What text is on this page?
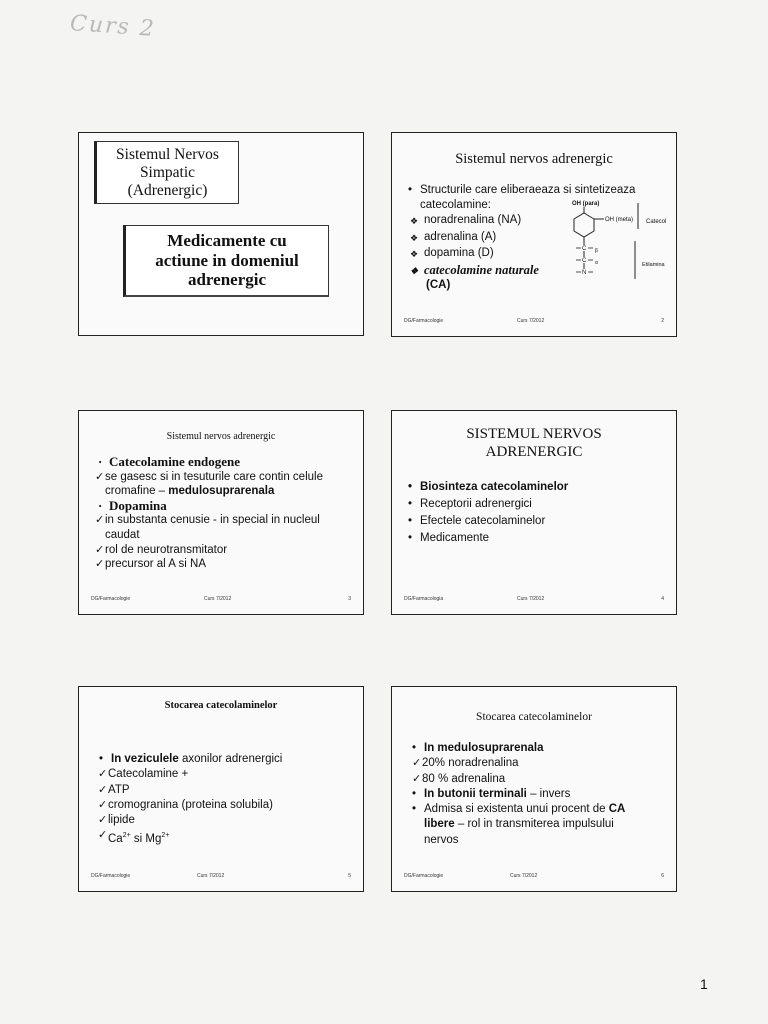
Curs 2
Sistemul Nervos
Simpatic
(Adrenergic)
Medicamente cu
actiune in domeniul
adrenergic
Sistemul nervos adrenergic
• Structurile care eliberaeaza si sintetizeaza
catecolamine:
❖ noradrenalina (NA)
❖ adrenalina (A)
❖ dopamina (D)
❖ catecolamine naturale
(CA)
OH (para)
OH (meta) Catecol
C β
C α
N
Etilamina
DG/Farmacologie	Curs 7/2012	2
Sistemul nervos adrenergic
· Catecolamine endogene
✓ se gasesc si in tesuturile care contin celule
cromafine – medulosuprarenala
· Dopamina
✓ in substanta cenusie - in special in nucleul
caudat
✓ rol de neurotransmitator
✓ precursor al A si NA
DG/Farmacologie	Curs 7/2012	3
SISTEMUL NERVOS
ADRENERGIC
• Biosinteza catecolaminelor
• Receptorii adrenergici
• Efectele catecolaminelor
• Medicamente
DG/Farmacologia	Curs 7/2012	4
Stocarea catecolaminelor
• In veziculele axonilor adrenergici
✓ Catecolamine +
✓ ATP
✓ cromogranina (proteina solubila)
✓ lipide
✓ $Ca^{2+}$ si $Mg^{2+}$
DG/Farmacologie	Curs 7/2012	5
Stocarea catecolaminelor
• In medulosuprarenala
✓ 20% noradrenalina
✓ 80 % adrenalina
• In butonii terminali – invers
• Admisa si existenta unui procent de CA
libere – rol in transmiterea impulsului
nervos
DG/Farmacologie	Curs 7/2012	6
1
